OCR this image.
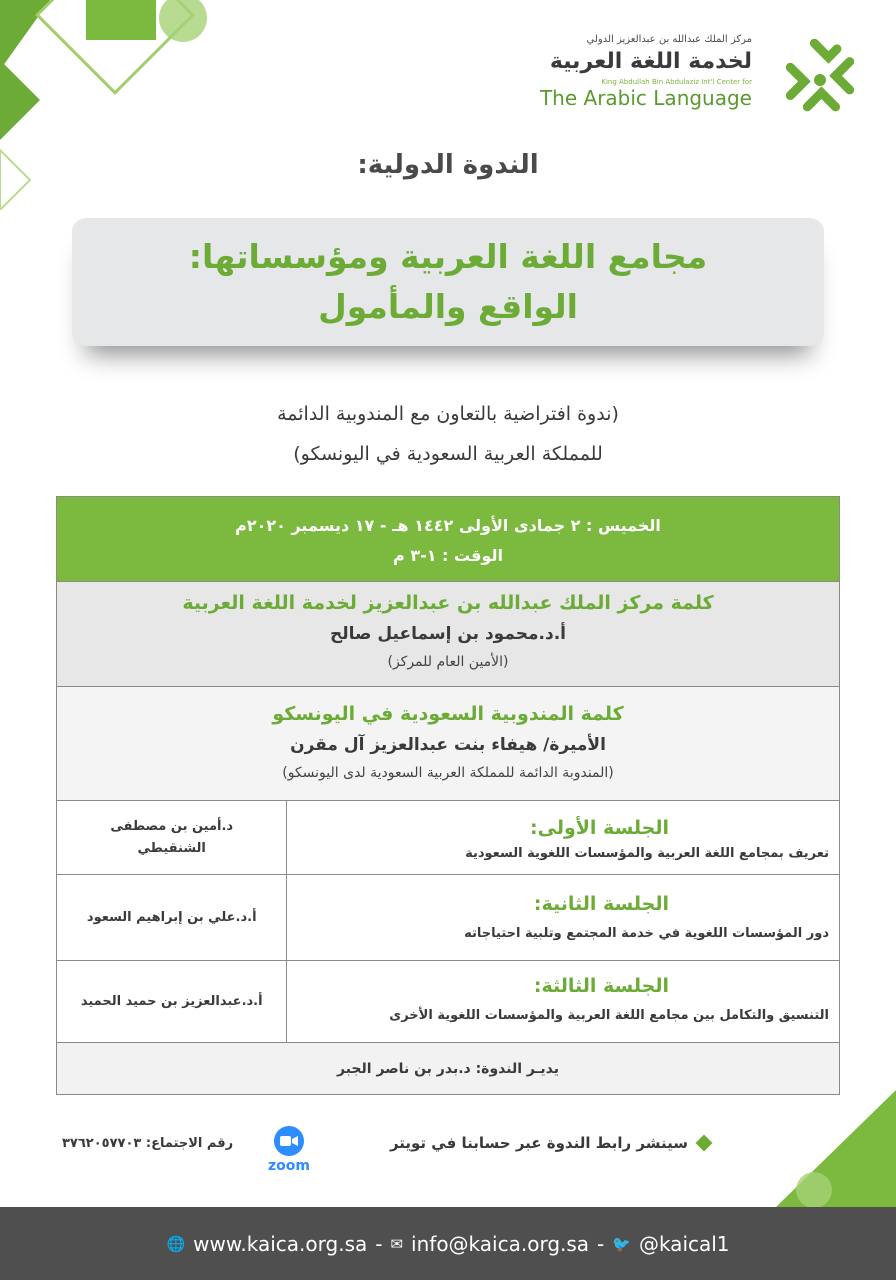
مركز الملك عبدالله بن عبدالعزيز الدولي
لخدمة اللغة العربية
King Abdullah Bin Abdulaziz Int'l Center for
The Arabic Language
الندوة الدولية:
مجامع اللغة العربية ومؤسساتها:
الواقع والمأمول
(ندوة افتراضية بالتعاون مع المندوبية الدائمة
للمملكة العربية السعودية في اليونسكو)
الخميس : ٢ جمادى الأولى ١٤٤٢ هـ - ١٧ ديسمبر ٢٠٢٠م
الوقت : ١-٣ م
كلمة مركز الملك عبدالله بن عبدالعزيز لخدمة اللغة العربية
أ.د.محمود بن إسماعيل صالح
(الأمين العام للمركز)
كلمة المندوبية السعودية في اليونسكو
الأميرة/ هيفاء بنت عبدالعزيز آل مقرن
(المندوبة الدائمة للمملكة العربية السعودية لدى اليونسكو)
الجلسة الأولى:
تعريف بمجامع اللغة العربية والمؤسسات اللغوية السعودية
د.أمين بن مصطفى
الشنقيطي
الجلسة الثانية:
دور المؤسسات اللغوية في خدمة المجتمع وتلبية احتياجاته
أ.د.علي بن إبراهيم السعود
الجلسة الثالثة:
التنسيق والتكامل بين مجامع اللغة العربية والمؤسسات اللغوية الأخرى
أ.د.عبدالعزيز بن حميد الحميد
يديـر الندوة: د.بدر بن ناصر الجبر
سينشر رابط الندوة عبر حسابنا في تويتر
zoom
رقم الاجتماع: ٣٧٦٢٠٥٧٧٠٣
🌐 www.kaica.org.sa - ✉ info@kaica.org.sa - 🐦 @kaical1
